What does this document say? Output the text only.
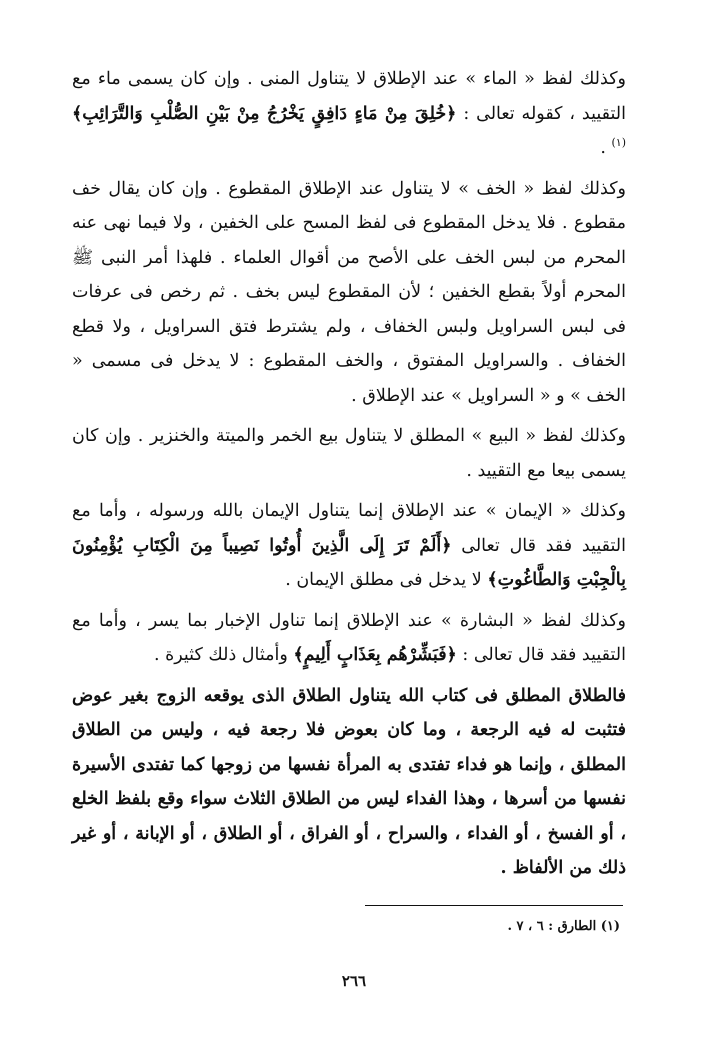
وكذلك لفظ « الماء » عند الإطلاق لا يتناول المنى . وإن كان يسمى ماء مع التقييد ، كقوله تعالى : ﴿خُلِقَ مِنْ مَاءٍ دَافِقٍ يَخْرُجُ مِنْ بَيْنِ الصُّلْبِ وَالتَّرَائِبِ﴾ $^{(١)}$ .

وكذلك لفظ « الخف » لا يتناول عند الإطلاق المقطوع . وإن كان يقال خف مقطوع . فلا يدخل المقطوع فى لفظ المسح على الخفين ، ولا فيما نهى عنه المحرم من لبس الخف على الأصح من أقوال العلماء . فلهذا أمر النبى ﷺ المحرم أولاً بقطع الخفين ؛ لأن المقطوع ليس بخف . ثم رخص فى عرفات فى لبس السراويل ولبس الخفاف ، ولم يشترط فتق السراويل ، ولا قطع الخفاف . والسراويل المفتوق ، والخف المقطوع : لا يدخل فى مسمى « الخف » و « السراويل » عند الإطلاق .

وكذلك لفظ « البيع » المطلق لا يتناول بيع الخمر والميتة والخنزير . وإن كان يسمى بيعا مع التقييد .

وكذلك « الإيمان » عند الإطلاق إنما يتناول الإيمان بالله ورسوله ، وأما مع التقييد فقد قال تعالى ﴿أَلَمْ تَرَ إِلَى الَّذِينَ أُوتُوا نَصِيباً مِنَ الْكِتَابِ يُؤْمِنُونَ بِالْجِبْتِ وَالطَّاغُوتِ﴾ لا يدخل فى مطلق الإيمان .

وكذلك لفظ « البشارة » عند الإطلاق إنما تناول الإخبار بما يسر ، وأما مع التقييد فقد قال تعالى : ﴿فَبَشِّرْهُم بِعَذَابٍ أَلِيمٍ﴾ وأمثال ذلك كثيرة .

فالطلاق المطلق فى كتاب الله يتناول الطلاق الذى يوقعه الزوج بغير عوض فتثبت له فيه الرجعة ، وما كان بعوض فلا رجعة فيه ، وليس من الطلاق المطلق ، وإنما هو فداء تفتدى به المرأة نفسها من زوجها كما تفتدى الأسيرة نفسها من أسرها ، وهذا الفداء ليس من الطلاق الثلاث سواء وقع بلفظ الخلع ، أو الفسخ ، أو الفداء ، والسراح ، أو الفراق ، أو الطلاق ، أو الإبانة ، أو غير ذلك من الألفاظ .

(١) الطارق : ٦ ، ٧ .
٢٦٦
